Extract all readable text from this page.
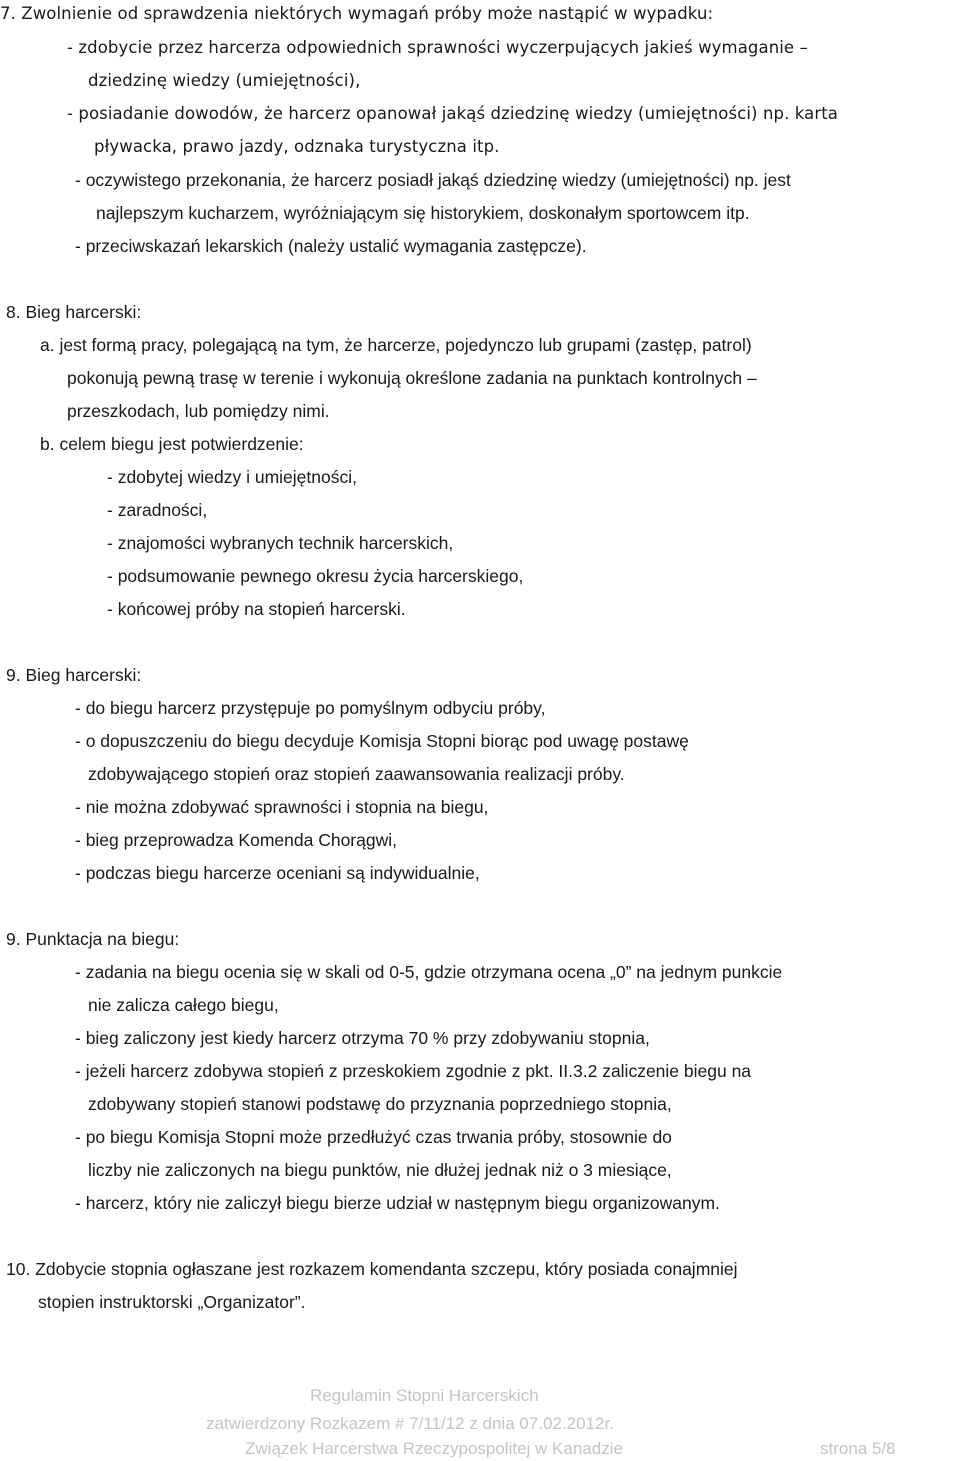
7. Zwolnienie od sprawdzenia niektórych wymagań próby może nastąpić w wypadku:
- zdobycie przez harcerza odpowiednich sprawności wyczerpujących jakieś wymaganie –
dziedzinę wiedzy (umiejętności),
- posiadanie dowodów, że harcerz opanował jakąś dziedzinę wiedzy (umiejętności) np. karta
pływacka, prawo jazdy, odznaka turystyczna itp.
- oczywistego przekonania, że harcerz posiadł jakąś dziedzinę wiedzy (umiejętności) np. jest
najlepszym kucharzem, wyróżniającym się historykiem, doskonałym sportowcem itp.
- przeciwskazań lekarskich (należy ustalić wymagania zastępcze).
8. Bieg harcerski:
a. jest formą pracy, polegającą na tym, że harcerze, pojedynczo lub grupami (zastęp, patrol)
pokonują pewną trasę w terenie i wykonują określone zadania na punktach kontrolnych –
przeszkodach, lub pomiędzy nimi.
b. celem biegu jest potwierdzenie:
- zdobytej wiedzy i umiejętności,
- zaradności,
- znajomości wybranych technik harcerskich,
- podsumowanie pewnego okresu życia harcerskiego,
- końcowej próby na stopień harcerski.
9. Bieg harcerski:
- do biegu harcerz przystępuje po pomyślnym odbyciu próby,
- o dopuszczeniu do biegu decyduje Komisja Stopni biorąc pod uwagę postawę
zdobywającego stopień oraz stopień zaawansowania realizacji próby.
- nie można zdobywać sprawności i stopnia na biegu,
- bieg przeprowadza Komenda Chorągwi,
- podczas biegu harcerze oceniani są indywidualnie,
9. Punktacja na biegu:
- zadania na biegu ocenia się w skali od 0-5, gdzie otrzymana ocena „0” na jednym punkcie
nie zalicza całego biegu,
- bieg zaliczony jest kiedy harcerz otrzyma 70 % przy zdobywaniu stopnia,
- jeżeli harcerz zdobywa stopień z przeskokiem zgodnie z pkt. II.3.2 zaliczenie biegu na
zdobywany stopień stanowi podstawę do przyznania poprzedniego stopnia,
- po biegu Komisja Stopni może przedłużyć czas trwania próby, stosownie do
liczby nie zaliczonych na biegu punktów, nie dłużej jednak niż o 3 miesiące,
- harcerz, który nie zaliczył biegu bierze udział w następnym biegu organizowanym.
10. Zdobycie stopnia ogłaszane jest rozkazem komendanta szczepu, który posiada conajmniej
stopien instruktorski „Organizator”.
Regulamin Stopni Harcerskich
zatwierdzony Rozkazem # 7/11/12 z dnia 07.02.2012r.
Związek Harcerstwa Rzeczypospolitej w Kanadzie	strona 5/8
